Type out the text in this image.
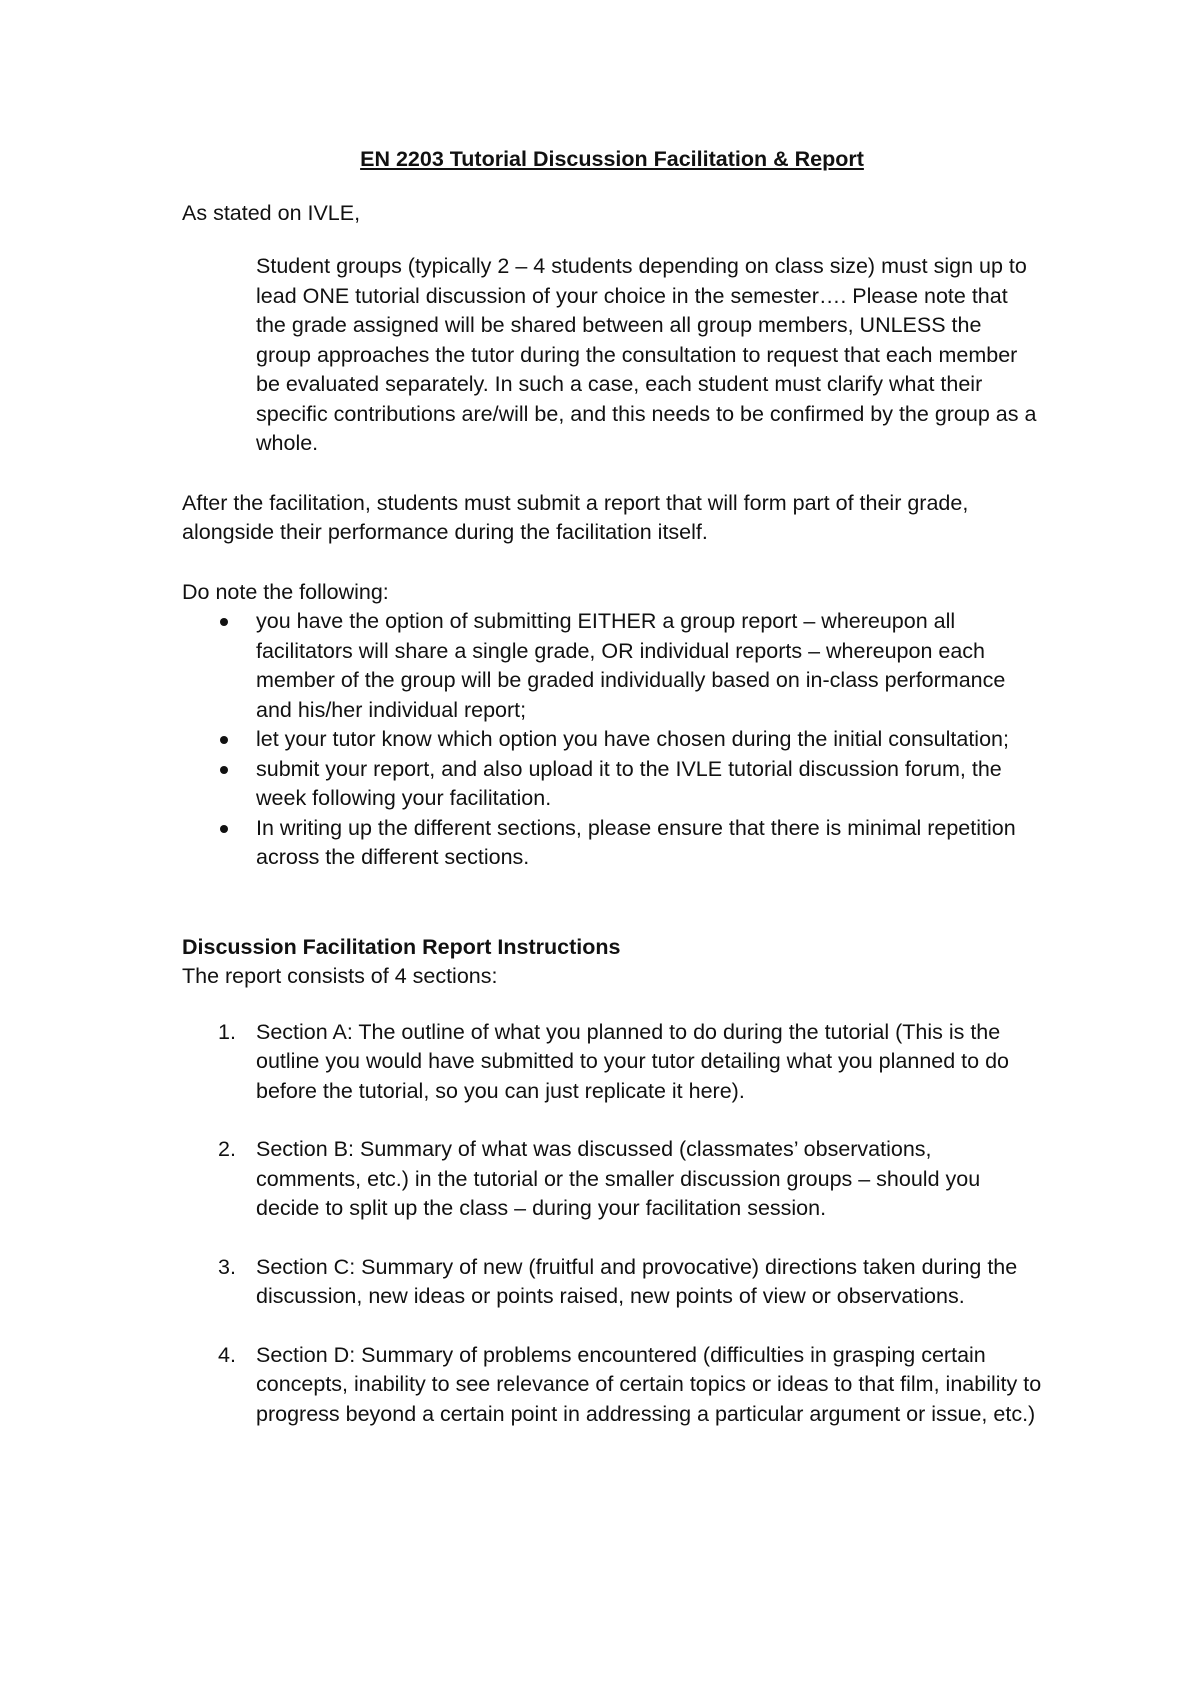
EN 2203 Tutorial Discussion Facilitation & Report

As stated on IVLE,

Student groups (typically 2 – 4 students depending on class size) must sign up to lead ONE tutorial discussion of your choice in the semester…. Please note that the grade assigned will be shared between all group members, UNLESS the group approaches the tutor during the consultation to request that each member be evaluated separately. In such a case, each student must clarify what their specific contributions are/will be, and this needs to be confirmed by the group as a whole.

After the facilitation, students must submit a report that will form part of their grade, alongside their performance during the facilitation itself.

Do note the following:

you have the option of submitting EITHER a group report – whereupon all facilitators will share a single grade, OR individual reports – whereupon each member of the group will be graded individually based on in-class performance and his/her individual report;
let your tutor know which option you have chosen during the initial consultation;
submit your report, and also upload it to the IVLE tutorial discussion forum, the week following your facilitation.
In writing up the different sections, please ensure that there is minimal repetition across the different sections.

Discussion Facilitation Report Instructions

The report consists of 4 sections:

1. Section A: The outline of what you planned to do during the tutorial (This is the outline you would have submitted to your tutor detailing what you planned to do before the tutorial, so you can just replicate it here).
2. Section B: Summary of what was discussed (classmates’ observations, comments, etc.) in the tutorial or the smaller discussion groups – should you decide to split up the class – during your facilitation session.
3. Section C: Summary of new (fruitful and provocative) directions taken during the discussion, new ideas or points raised, new points of view or observations.
4. Section D: Summary of problems encountered (difficulties in grasping certain concepts, inability to see relevance of certain topics or ideas to that film, inability to progress beyond a certain point in addressing a particular argument or issue, etc.)
